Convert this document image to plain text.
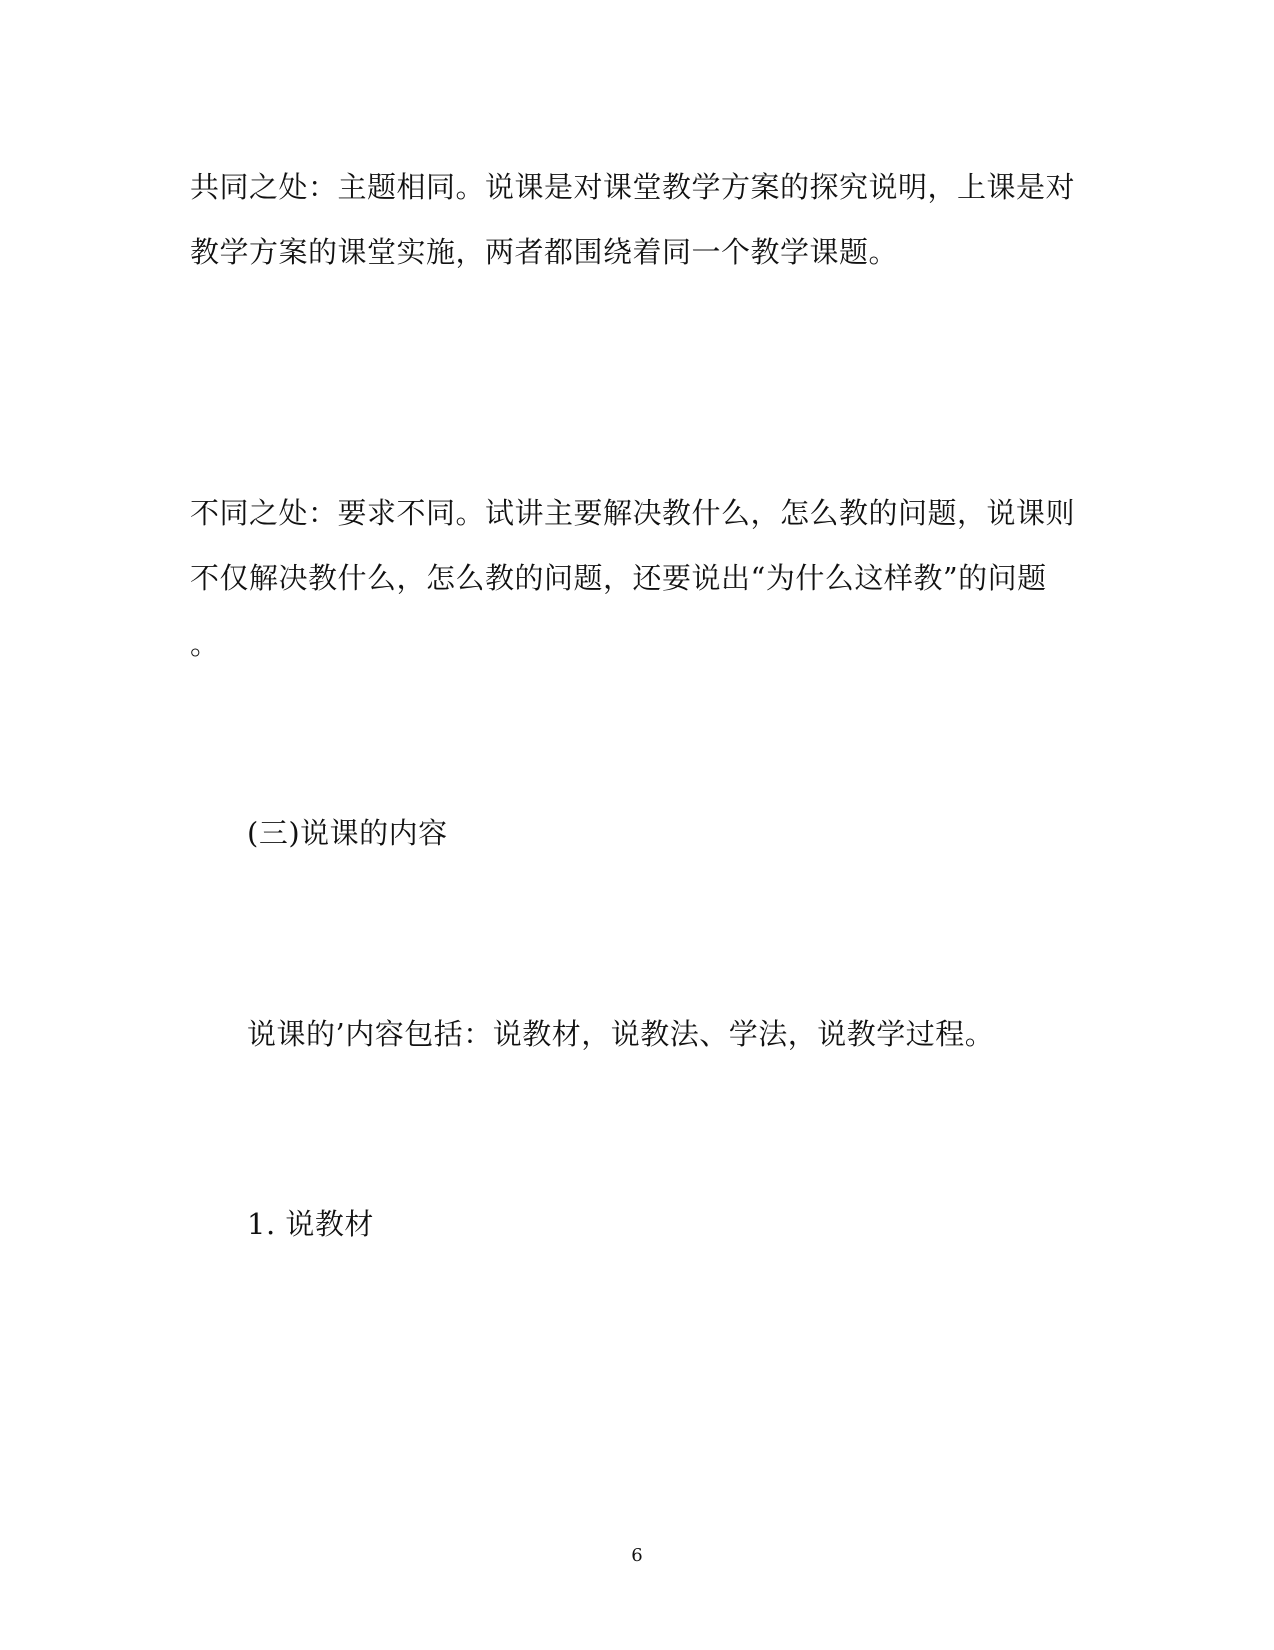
共同之处：主题相同。说课是对课堂教学方案的探究说明，上课是对
教学方案的课堂实施，两者都围绕着同一个教学课题。
不同之处：要求不同。试讲主要解决教什么，怎么教的问题，说课则
不仅解决教什么，怎么教的问题，还要说出“为什么这样教”的问题
。
(三)说课的内容
说课的’内容包括：说教材，说教法、学法，说教学过程。
1. 说教材
6
